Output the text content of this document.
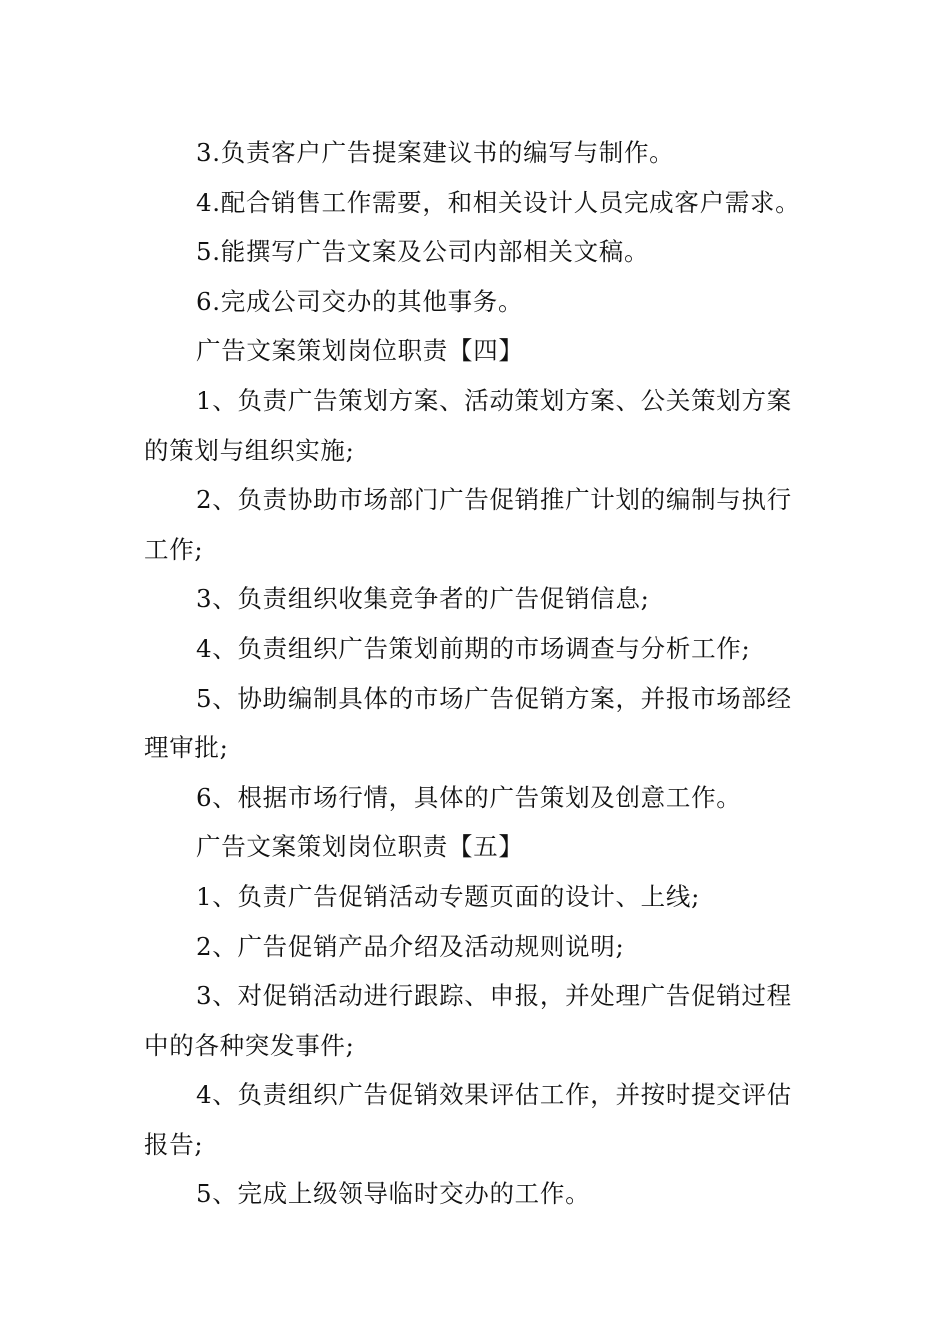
3.负责客户广告提案建议书的编写与制作。

4.配合销售工作需要，和相关设计人员完成客户需求。

5.能撰写广告文案及公司内部相关文稿。

6.完成公司交办的其他事务。

广告文案策划岗位职责【四】

1、负责广告策划方案、活动策划方案、公关策划方案的策划与组织实施;

2、负责协助市场部门广告促销推广计划的编制与执行工作;

3、负责组织收集竞争者的广告促销信息;

4、负责组织广告策划前期的市场调查与分析工作;

5、协助编制具体的市场广告促销方案，并报市场部经理审批;

6、根据市场行情，具体的广告策划及创意工作。

广告文案策划岗位职责【五】

1、负责广告促销活动专题页面的设计、上线;

2、广告促销产品介绍及活动规则说明;

3、对促销活动进行跟踪、申报，并处理广告促销过程中的各种突发事件;

4、负责组织广告促销效果评估工作，并按时提交评估报告;

5、完成上级领导临时交办的工作。
